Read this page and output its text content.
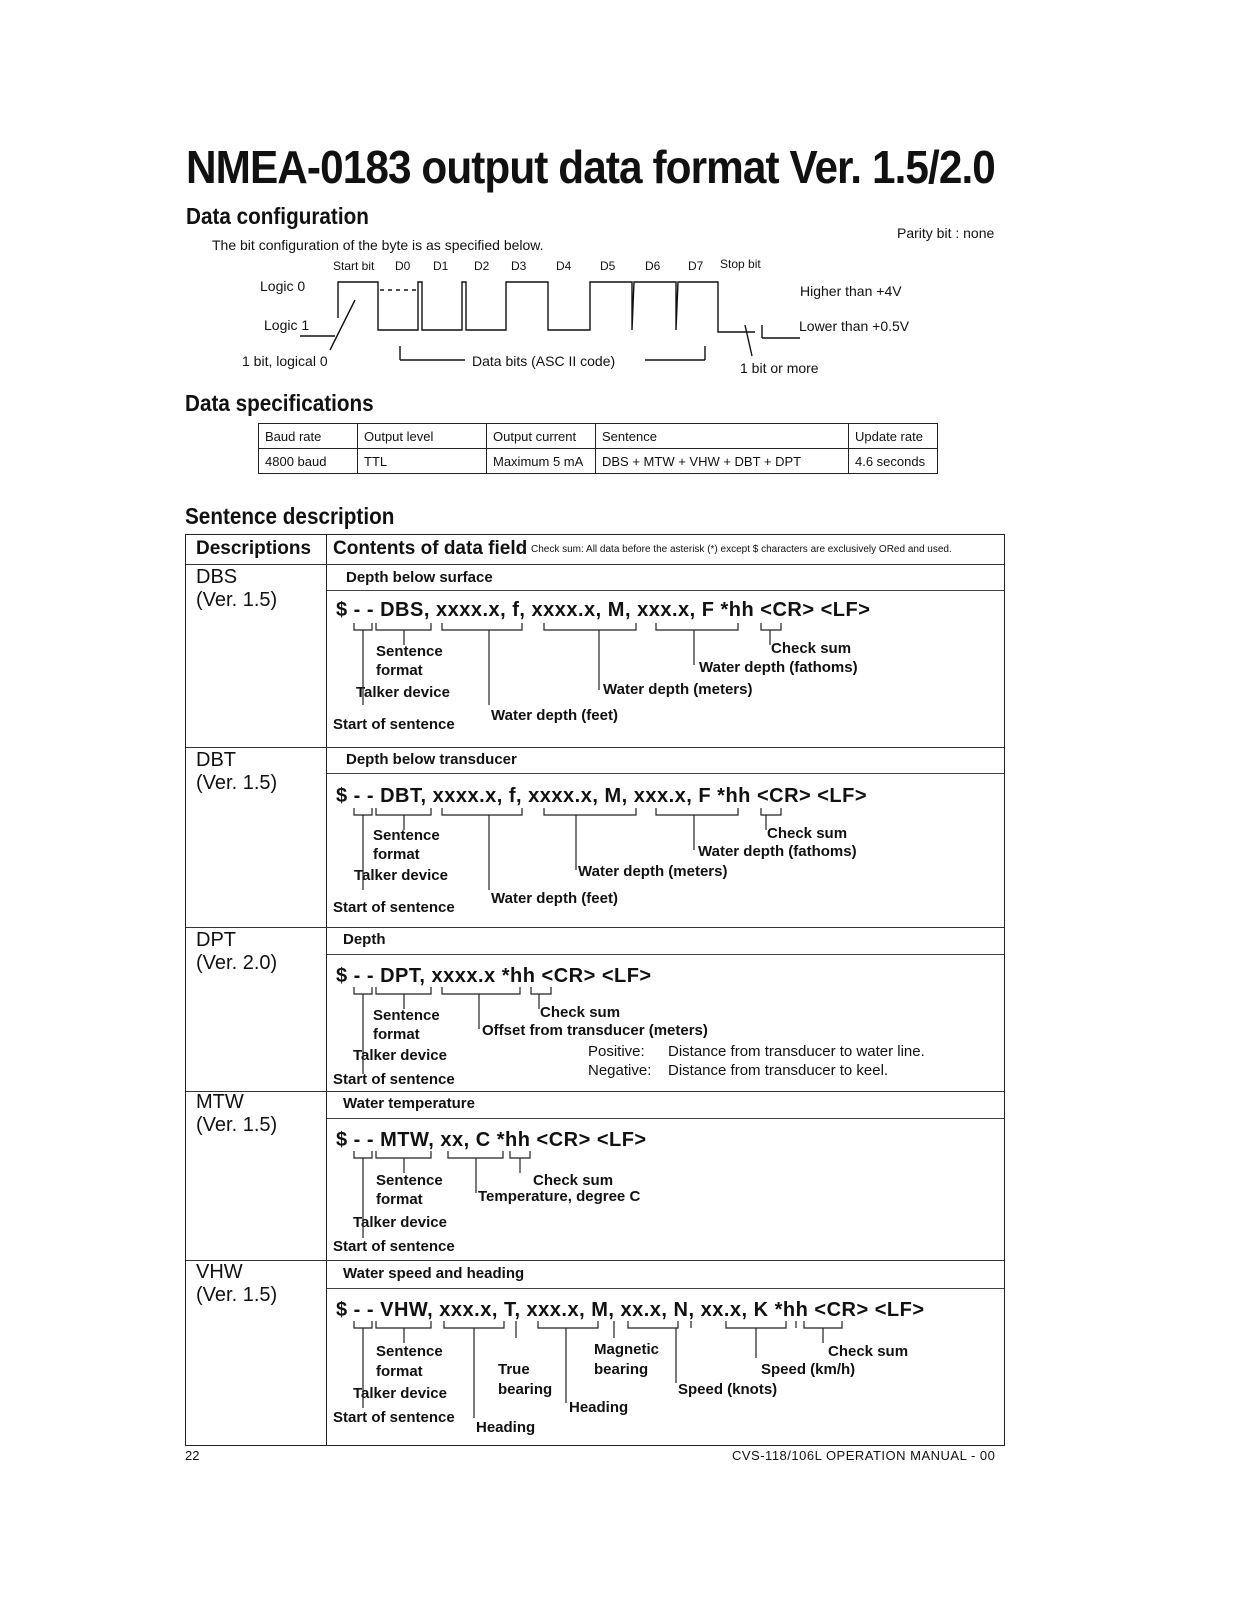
NMEA-0183 output data format Ver. 1.5/2.0
Data configuration
Parity bit : none
The bit configuration of the byte is as specified below.
Start bit D0 D1 D2 D3 D4 D5 D6 D7 Stop bit
Logic 0
Logic 1
Higher than +4V
Lower than +0.5V
1 bit, logical 0	Data bits (ASC II code)	1 bit or more
Data specifications
Baud rate	Output level	Output current	Sentence	Update rate
4800 baud	TTL	Maximum 5 mA	DBS + MTW + VHW + DBT + DPT	4.6 seconds
Sentence description
Descriptions Contents of data field Check sum: All data before the asterisk (*) except $ characters are exclusively ORed and used.
DBS
(Ver. 1.5)
Depth below surface
$ - - DBS, xxxx.x, f, xxxx.x, M, xxx.x, F *hh <CR> <LF>
Sentence
format
Talker device
Start of sentence
Water depth (feet)
Water depth (meters)
Water depth (fathoms)
Check sum
DBT
(Ver. 1.5)
Depth below transducer
$ - - DBT, xxxx.x, f, xxxx.x, M, xxx.x, F *hh <CR> <LF>
Sentence
format
Talker device
Start of sentence
Water depth (feet)
Water depth (meters)
Water depth (fathoms)
Check sum
DPT
(Ver. 2.0)
Depth
$ - - DPT, xxxx.x *hh <CR> <LF>
Sentence
format
Talker device
Start of sentence
Check sum
Offset from transducer (meters)
Positive: Distance from transducer to water line.
Negative: Distance from transducer to keel.
MTW
(Ver. 1.5)
Water temperature
$ - - MTW, xx, C *hh <CR> <LF>
Sentence
format
Talker device
Start of sentence
Check sum
Temperature, degree C
VHW
(Ver. 1.5)
Water speed and heading
$ - - VHW, xxx.x, T, xxx.x, M, xx.x, N, xx.x, K *hh <CR> <LF>
Sentence
format
Talker device
Start of sentence
True
bearing
Heading
Magnetic
bearing
Heading
Speed (knots)
Speed (km/h)
Check sum
22	CVS-118/106L OPERATION MANUAL - 00
